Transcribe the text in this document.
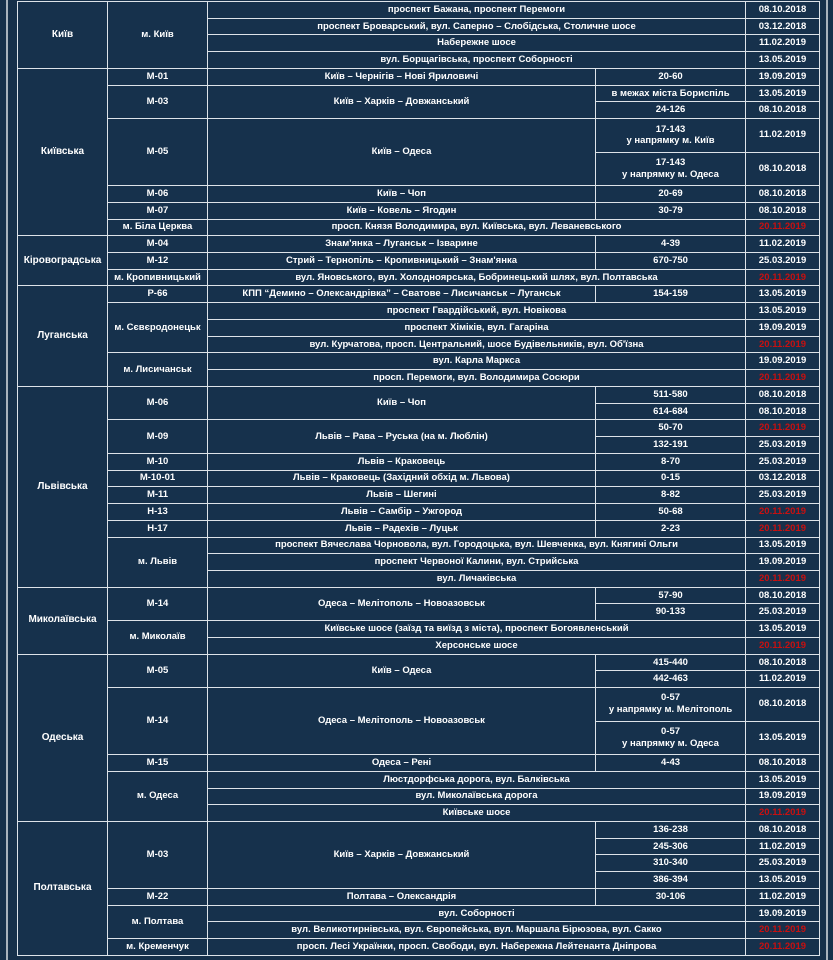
Київ	м. Київ	проспект Бажана, проспект Перемоги		08.10.2018
		проспект Броварський, вул. Саперно – Слобідська, Столичне шосе		03.12.2018
		Набережне шосе		11.02.2019
		вул. Борщагівська, проспект Соборності		13.05.2019
Київська	М-01	Київ – Чернігів – Нові Яриловичі	20-60	19.09.2019
	М-03	Київ – Харків – Довжанський	в межах міста Бориспіль	13.05.2019

			24-126	08.10.2018
	М-05	Київ – Одеса	17-143
у напрямку м. Київ	11.02.2019

			17-143
у напрямку м. Одеса	08.10.2018
	М-06	Київ – Чоп	20-69	08.10.2018
	М-07	Київ – Ковель – Ягодин	30-79	08.10.2018
	м. Біла Церква	просп. Князя Володимира, вул. Київська, вул. Леваневського		20.11.2019
Кіровоградська	М-04	Знам'янка – Луганськ – Ізварине	4-39	11.02.2019
	М-12	Стрий – Тернопіль – Кропивницький – Знам'янка	670-750	25.03.2019
	м. Кропивницький	вул. Яновського, вул. Холодноярська, Бобринецький шлях, вул. Полтавська		20.11.2019
Луганська	Р-66	КПП “Демино – Олександрівка” – Сватове – Лисичанськ – Луганськ	154-159	13.05.2019
	м. Сєвєродонецьк	проспект Гвардійський, вул. Новікова		13.05.2019
		проспект Хіміків, вул. Гагаріна		19.09.2019
		вул. Курчатова, просп. Центральний, шосе Будівельників, вул. Об'їзна		20.11.2019
	м. Лисичанськ	вул. Карла Маркса		19.09.2019
		просп. Перемоги, вул. Володимира Сосюри		20.11.2019
Львівська	М-06	Київ – Чоп	511-580	08.10.2018

			614-684	08.10.2018
	М-09	Львів – Рава – Руська (на м. Люблін)	50-70	20.11.2019

			132-191	25.03.2019
	М-10	Львів – Краковець	8-70	25.03.2019
	М-10-01	Львів – Краковець (Західний обхід м. Львова)	0-15	03.12.2018
	М-11	Львів – Шегині	8-82	25.03.2019
	Н-13	Львів – Самбір – Ужгород	50-68	20.11.2019
	Н-17	Львів – Радехів – Луцьк	2-23	20.11.2019
	м. Львів	проспект Вячеслава Чорновола, вул. Городоцька, вул. Шевченка, вул. Княгині Ольги		13.05.2019
		проспект Червоної Калини, вул. Стрийська		19.09.2019
		вул. Личаківська		20.11.2019
Миколаївська	М-14	Одеса – Мелітополь – Новоазовськ	57-90	08.10.2018

			90-133	25.03.2019
	м. Миколаїв	Київське шосе (заїзд та виїзд з міста), проспект Богоявленський		13.05.2019
		Херсонське шосе		20.11.2019
Одеська	М-05	Київ – Одеса	415-440	08.10.2018

			442-463	11.02.2019
	М-14	Одеса – Мелітополь – Новоазовськ	0-57
у напрямку м. Мелітополь	08.10.2018

			0-57
у напрямку м. Одеса	13.05.2019
	М-15	Одеса – Рені	4-43	08.10.2018
	м. Одеса	Люстдорфська дорога, вул. Балківська		13.05.2019
		вул. Миколаївська дорога		19.09.2019
		Київське шосе		20.11.2019
Полтавська	М-03	Київ – Харків – Довжанський	136-238	08.10.2018

			245-306	11.02.2019

			310-340	25.03.2019

			386-394	13.05.2019
	М-22	Полтава – Олександрія	30-106	11.02.2019
	м. Полтава	вул. Соборності		19.09.2019
		вул. Великотирнівська, вул. Європейська, вул. Маршала Бірюзова, вул. Сакко		20.11.2019
	м. Кременчук	просп. Лесі Українки, просп. Свободи, вул. Набережна Лейтенанта Дніпрова		20.11.2019
